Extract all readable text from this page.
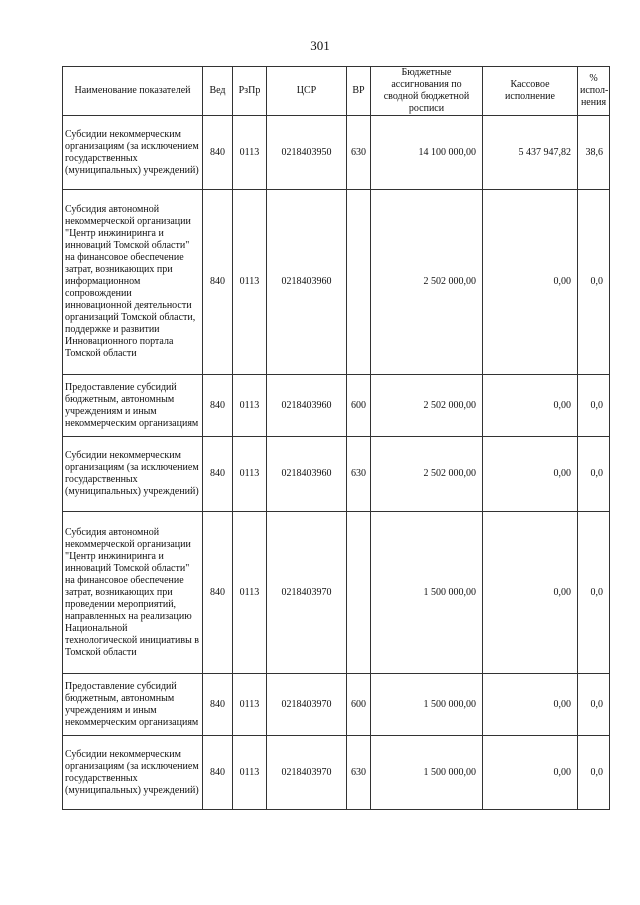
301
Наименование показателей	Вед	РзПр	ЦСР	ВР	Бюджетные ассигнования по сводной бюджетной росписи	Кассовое исполнение	% испол-нения
Субсидии некоммерческим организациям (за исключением государственных (муниципальных) учреждений)	840	0113	0218403950	630	14 100 000,00	5 437 947,82	38,6
Субсидия автономной некоммерческой организации "Центр инжиниринга и инноваций Томской области" на финансовое обеспечение затрат, возникающих при информационном сопровождении инновационной деятельности организаций Томской области, поддержке и развитии Инновационного портала Томской области	840	0113	0218403960		2 502 000,00	0,00	0,0
Предоставление субсидий бюджетным, автономным учреждениям и иным некоммерческим организациям	840	0113	0218403960	600	2 502 000,00	0,00	0,0
Субсидии некоммерческим организациям (за исключением государственных (муниципальных) учреждений)	840	0113	0218403960	630	2 502 000,00	0,00	0,0
Субсидия автономной некоммерческой организации "Центр инжиниринга и инноваций Томской области" на финансовое обеспечение затрат, возникающих при проведении мероприятий, направленных на реализацию Национальной технологической инициативы в Томской области	840	0113	0218403970		1 500 000,00	0,00	0,0
Предоставление субсидий бюджетным, автономным учреждениям и иным некоммерческим организациям	840	0113	0218403970	600	1 500 000,00	0,00	0,0
Субсидии некоммерческим организациям (за исключением государственных (муниципальных) учреждений)	840	0113	0218403970	630	1 500 000,00	0,00	0,0
